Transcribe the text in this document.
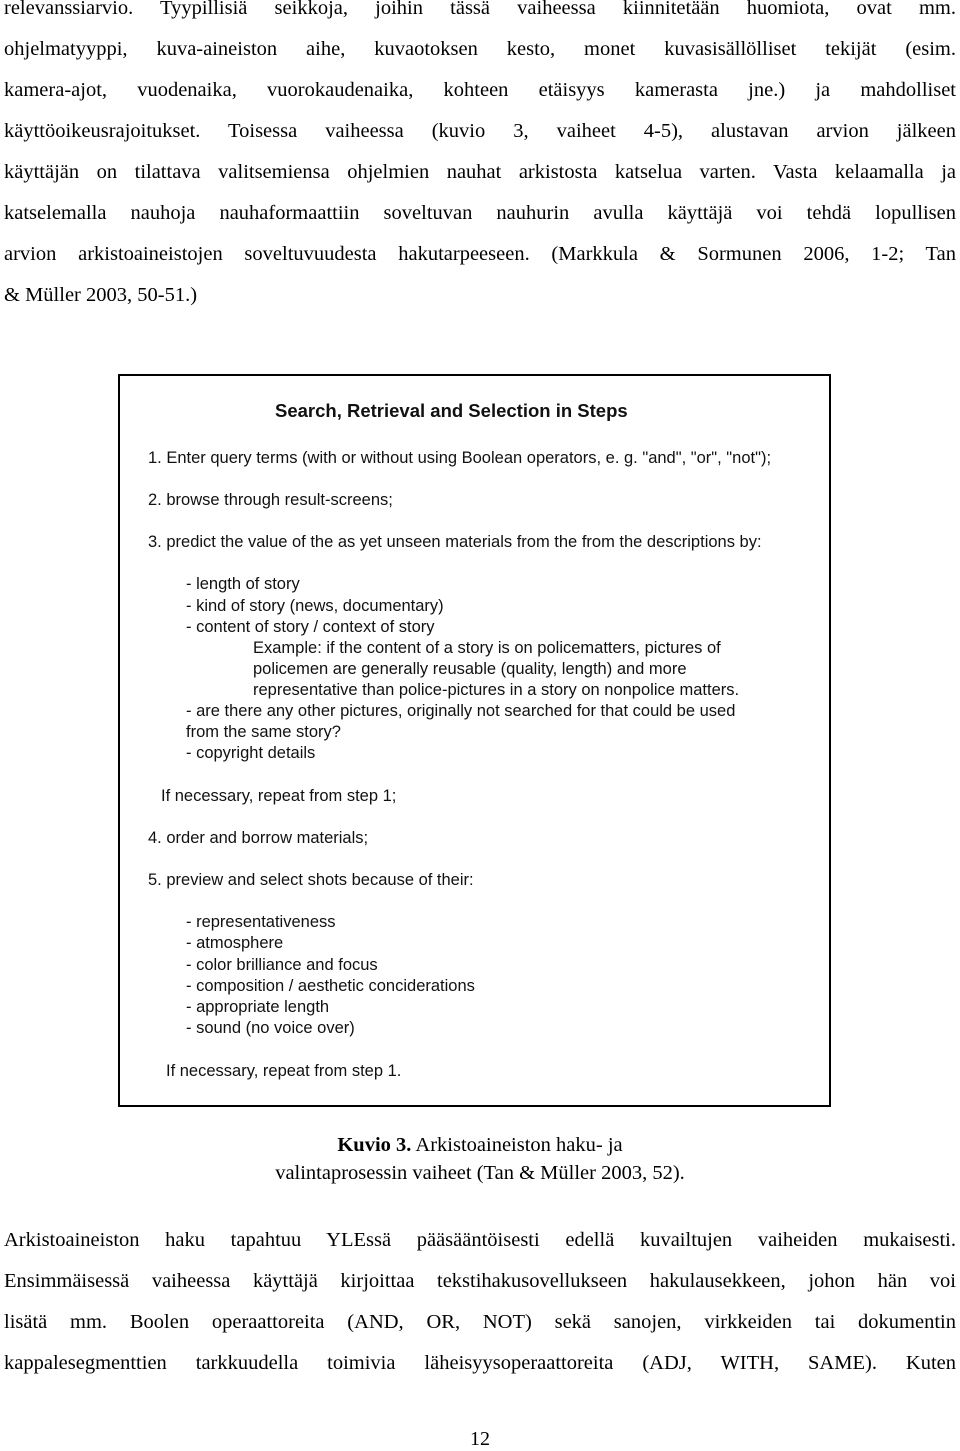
relevanssiarvio. Tyypillisiä seikkoja, joihin tässä vaiheessa kiinnitetään huomiota, ovat mm.
ohjelmatyyppi, kuva-aineiston aihe, kuvaotoksen kesto, monet kuvasisällölliset tekijät (esim.
kamera-ajot, vuodenaika, vuorokaudenaika, kohteen etäisyys kamerasta jne.) ja mahdolliset
käyttöoikeusrajoitukset. Toisessa vaiheessa (kuvio 3, vaiheet 4-5), alustavan arvion jälkeen
käyttäjän on tilattava valitsemiensa ohjelmien nauhat arkistosta katselua varten. Vasta kelaamalla ja
katselemalla nauhoja nauhaformaattiin soveltuvan nauhurin avulla käyttäjä voi tehdä lopullisen
arvion arkistoaineistojen soveltuvuudesta hakutarpeeseen. (Markkula & Sormunen 2006, 1-2; Tan
& Müller 2003, 50-51.)
Search, Retrieval and Selection in Steps
1. Enter query terms (with or without using Boolean operators, e. g. "and", "or", "not");
2. browse through result-screens;
3. predict the value of the as yet unseen materials from the from the descriptions by:
- length of story
- kind of story (news, documentary)
- content of story / context of story
Example: if the content of a story is on policematters, pictures of
policemen are generally reusable (quality, length) and more
representative than police-pictures in a story on nonpolice matters.
- are there any other pictures, originally not searched for that could be used
from the same story?
- copyright details
If necessary, repeat from step 1;
4. order and borrow materials;
5. preview and select shots because of their:
- representativeness
- atmosphere
- color brilliance and focus
- composition / aesthetic conciderations
- appropriate length
- sound (no voice over)
If necessary, repeat from step 1.
Kuvio 3. Arkistoaineiston haku- ja
valintaprosessin vaiheet (Tan & Müller 2003, 52).
Arkistoaineiston haku tapahtuu YLEssä pääsääntöisesti edellä kuvailtujen vaiheiden mukaisesti.
Ensimmäisessä vaiheessa käyttäjä kirjoittaa tekstihakusovellukseen hakulausekkeen, johon hän voi
lisätä mm. Boolen operaattoreita (AND, OR, NOT) sekä sanojen, virkkeiden tai dokumentin
kappalesegmenttien tarkkuudella toimivia läheisyysoperaattoreita (ADJ, WITH, SAME). Kuten
12
